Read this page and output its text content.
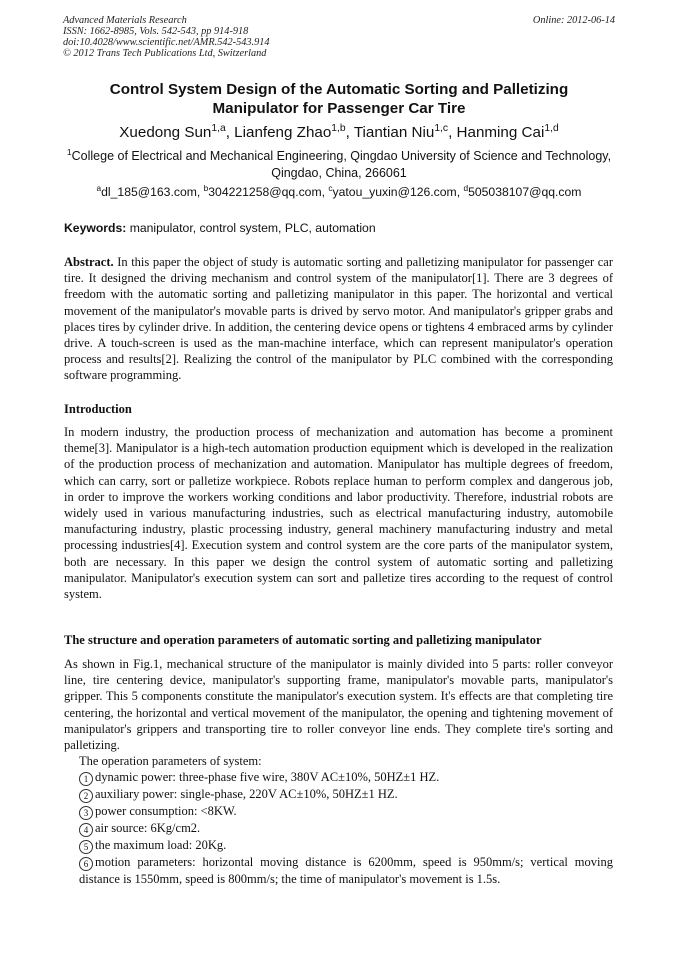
Advanced Materials Research
ISSN: 1662-8985, Vols. 542-543, pp 914-918
doi:10.4028/www.scientific.net/AMR.542-543.914
© 2012 Trans Tech Publications Ltd, Switzerland
Online: 2012-06-14
Control System Design of the Automatic Sorting and Palletizing
Manipulator for Passenger Car Tire
Xuedong Sun$^{1,a}$, Lianfeng Zhao$^{1,b}$, Tiantian Niu$^{1,c}$, Hanming Cai$^{1,d}$
$^1$College of Electrical and Mechanical Engineering, Qingdao University of Science and Technology,
Qingdao, China, 266061
$^a$dl_185@163.com, $^b$304221258@qq.com, $^c$yatou_yuxin@126.com, $^d$505038107@qq.com
Keywords: manipulator, control system, PLC, automation
Abstract. In this paper the object of study is automatic sorting and palletizing manipulator for passenger car tire. It designed the driving mechanism and control system of the manipulator[1]. There are 3 degrees of freedom with the automatic sorting and palletizing manipulator in this paper. The horizontal and vertical movement of the manipulator's movable parts is drived by servo motor. And manipulator's gripper grabs and places tires by cylinder drive. In addition, the centering device opens or tightens 4 embraced arms by cylinder drive. A touch-screen is used as the man-machine interface, which can represent manipulator's operation process and results[2]. Realizing the control of the manipulator by PLC combined with the corresponding software programming.
Introduction
In modern industry, the production process of mechanization and automation has become a prominent theme[3]. Manipulator is a high-tech automation production equipment which is developed in the realization of the production process of mechanization and automation. Manipulator has multiple degrees of freedom, which can carry, sort or palletize workpiece. Robots replace human to perform complex and dangerous job, in order to improve the workers working conditions and labor productivity. Therefore, industrial robots are widely used in various manufacturing industries, such as electrical manufacturing industry, automobile manufacturing industry, plastic processing industry, general machinery manufacturing industry and metal processing industries[4]. Execution system and control system are the core parts of the manipulator system, both are necessary. In this paper we design the control system of automatic sorting and palletizing manipulator. Manipulator's execution system can sort and palletize tires according to the request of control system.
The structure and operation parameters of automatic sorting and palletizing manipulator

As shown in Fig.1, mechanical structure of the manipulator is mainly divided into 5 parts: roller conveyor line, tire centering device, manipulator's supporting frame, manipulator's movable parts, manipulator's gripper. This 5 components constitute the manipulator's execution system. It's effects are that completing tire centering, the horizontal and vertical movement of the manipulator, the opening and tightening movement of manipulator's grippers and transporting tire to roller conveyor line ends. They complete tire's sorting and palletizing.

The operation parameters of system:

1 dynamic power: three-phase five wire, 380V AC±10%, 50HZ±1 HZ.

2 auxiliary power: single-phase, 220V AC±10%, 50HZ±1 HZ.

3 power consumption: <8KW.

4 air source: 6Kg/cm2.

5 the maximum load: 20Kg.

6 motion parameters: horizontal moving distance is 6200mm, speed is 950mm/s; vertical moving distance is 1550mm, speed is 800mm/s; the time of manipulator's movement is 1.5s.
